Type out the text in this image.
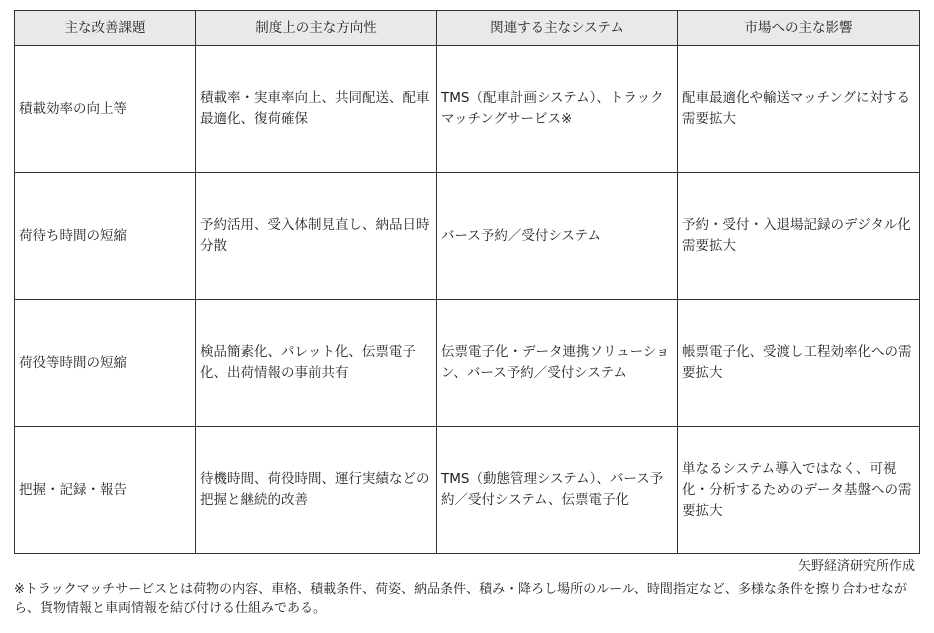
主な改善課題	制度上の主な方向性	関連する主なシステム	市場への主な影響
積載効率の向上等	積載率・実車率向上、共同配送、配車最適化、復荷確保	TMS（配車計画システム）、トラックマッチングサービス※	配車最適化や輸送マッチングに対する需要拡大
荷待ち時間の短縮	予約活用、受入体制見直し、納品日時分散	バース予約／受付システム	予約・受付・入退場記録のデジタル化需要拡大
荷役等時間の短縮	検品簡素化、パレット化、伝票電子化、出荷情報の事前共有	伝票電子化・データ連携ソリューション、バース予約／受付システム	帳票電子化、受渡し工程効率化への需要拡大
把握・記録・報告	待機時間、荷役時間、運行実績などの把握と継続的改善	TMS（動態管理システム）、バース予約／受付システム、伝票電子化	単なるシステム導入ではなく、可視化・分析するためのデータ基盤への需要拡大
矢野経済研究所作成
※トラックマッチサービスとは荷物の内容、車格、積載条件、荷姿、納品条件、積み・降ろし場所のルール、時間指定など、多様な条件を擦り合わせながら、貨物情報と車両情報を結び付ける仕組みである。
